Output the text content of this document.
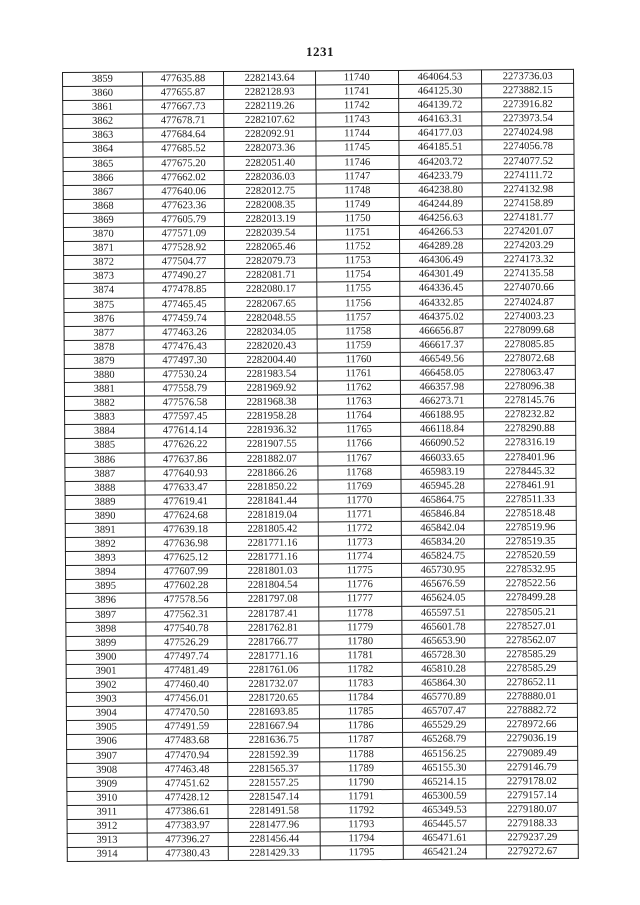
1231
3859	477635.88	2282143.64	11740	464064.53	2273736.03
3860	477655.87	2282128.93	11741	464125.30	2273882.15
3861	477667.73	2282119.26	11742	464139.72	2273916.82
3862	477678.71	2282107.62	11743	464163.31	2273973.54
3863	477684.64	2282092.91	11744	464177.03	2274024.98
3864	477685.52	2282073.36	11745	464185.51	2274056.78
3865	477675.20	2282051.40	11746	464203.72	2274077.52
3866	477662.02	2282036.03	11747	464233.79	2274111.72
3867	477640.06	2282012.75	11748	464238.80	2274132.98
3868	477623.36	2282008.35	11749	464244.89	2274158.89
3869	477605.79	2282013.19	11750	464256.63	2274181.77
3870	477571.09	2282039.54	11751	464266.53	2274201.07
3871	477528.92	2282065.46	11752	464289.28	2274203.29
3872	477504.77	2282079.73	11753	464306.49	2274173.32
3873	477490.27	2282081.71	11754	464301.49	2274135.58
3874	477478.85	2282080.17	11755	464336.45	2274070.66
3875	477465.45	2282067.65	11756	464332.85	2274024.87
3876	477459.74	2282048.55	11757	464375.02	2274003.23
3877	477463.26	2282034.05	11758	466656.87	2278099.68
3878	477476.43	2282020.43	11759	466617.37	2278085.85
3879	477497.30	2282004.40	11760	466549.56	2278072.68
3880	477530.24	2281983.54	11761	466458.05	2278063.47
3881	477558.79	2281969.92	11762	466357.98	2278096.38
3882	477576.58	2281968.38	11763	466273.71	2278145.76
3883	477597.45	2281958.28	11764	466188.95	2278232.82
3884	477614.14	2281936.32	11765	466118.84	2278290.88
3885	477626.22	2281907.55	11766	466090.52	2278316.19
3886	477637.86	2281882.07	11767	466033.65	2278401.96
3887	477640.93	2281866.26	11768	465983.19	2278445.32
3888	477633.47	2281850.22	11769	465945.28	2278461.91
3889	477619.41	2281841.44	11770	465864.75	2278511.33
3890	477624.68	2281819.04	11771	465846.84	2278518.48
3891	477639.18	2281805.42	11772	465842.04	2278519.96
3892	477636.98	2281771.16	11773	465834.20	2278519.35
3893	477625.12	2281771.16	11774	465824.75	2278520.59
3894	477607.99	2281801.03	11775	465730.95	2278532.95
3895	477602.28	2281804.54	11776	465676.59	2278522.56
3896	477578.56	2281797.08	11777	465624.05	2278499.28
3897	477562.31	2281787.41	11778	465597.51	2278505.21
3898	477540.78	2281762.81	11779	465601.78	2278527.01
3899	477526.29	2281766.77	11780	465653.90	2278562.07
3900	477497.74	2281771.16	11781	465728.30	2278585.29
3901	477481.49	2281761.06	11782	465810.28	2278585.29
3902	477460.40	2281732.07	11783	465864.30	2278652.11
3903	477456.01	2281720.65	11784	465770.89	2278880.01
3904	477470.50	2281693.85	11785	465707.47	2278882.72
3905	477491.59	2281667.94	11786	465529.29	2278972.66
3906	477483.68	2281636.75	11787	465268.79	2279036.19
3907	477470.94	2281592.39	11788	465156.25	2279089.49
3908	477463.48	2281565.37	11789	465155.30	2279146.79
3909	477451.62	2281557.25	11790	465214.15	2279178.02
3910	477428.12	2281547.14	11791	465300.59	2279157.14
3911	477386.61	2281491.58	11792	465349.53	2279180.07
3912	477383.97	2281477.96	11793	465445.57	2279188.33
3913	477396.27	2281456.44	11794	465471.61	2279237.29
3914	477380.43	2281429.33	11795	465421.24	2279272.67
